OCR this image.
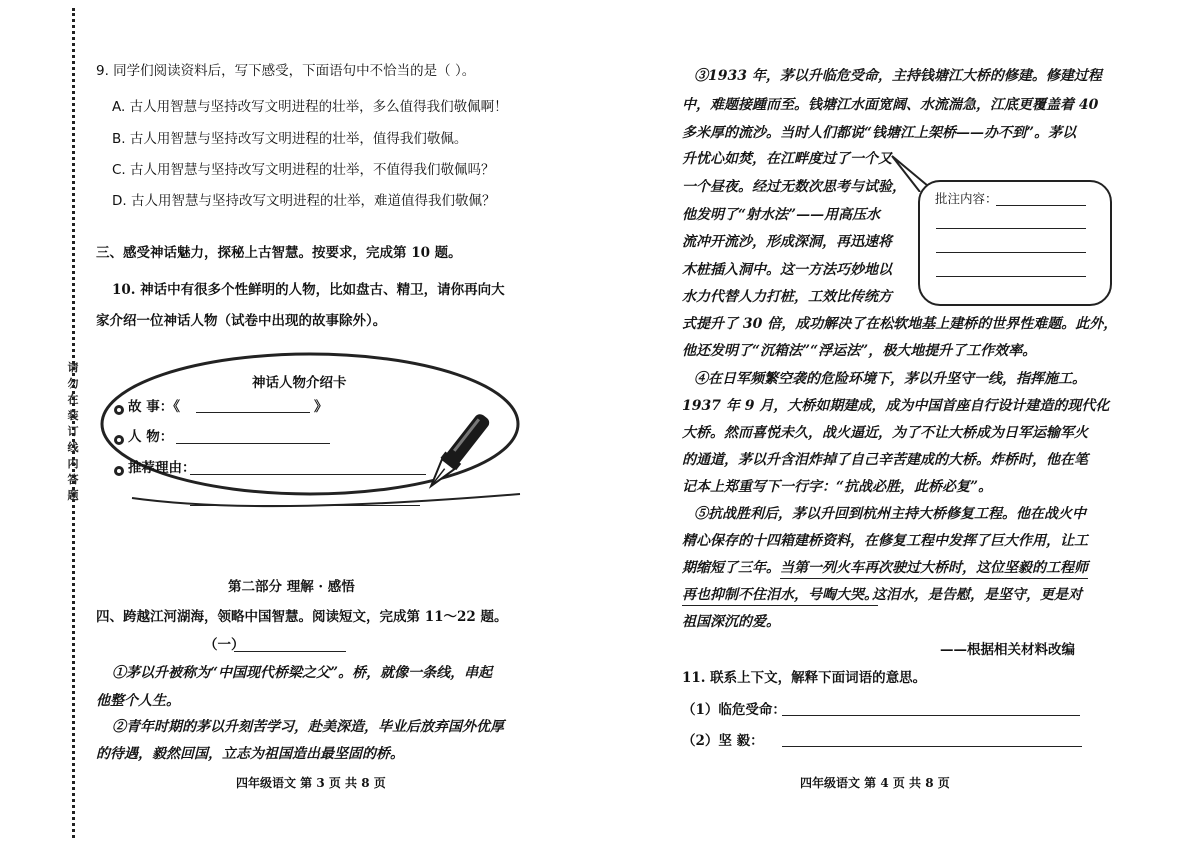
请勿在装订线内答题
9. 同学们阅读资料后，写下感受，下面语句中不恰当的是（ ）。
A. 古人用智慧与坚持改写文明进程的壮举，多么值得我们敬佩啊！
B. 古人用智慧与坚持改写文明进程的壮举，值得我们敬佩。
C. 古人用智慧与坚持改写文明进程的壮举，不值得我们敬佩吗？
D. 古人用智慧与坚持改写文明进程的壮举，难道值得我们敬佩？
三、感受神话魅力，探秘上古智慧。按要求，完成第 10 题。
10. 神话中有很多个性鲜明的人物，比如盘古、精卫，请你再向大
家介绍一位神话人物（试卷中出现的故事除外）。
神话人物介绍卡
故 事：《	》
人 物：
推荐理由：
第二部分 理解 · 感悟
四、跨越江河湖海，领略中国智慧。阅读短文，完成第 11～22 题。
（一）
①茅以升被称为“中国现代桥梁之父”。桥，就像一条线，串起
他整个人生。
②青年时期的茅以升刻苦学习，赴美深造，毕业后放弃国外优厚
的待遇，毅然回国，立志为祖国造出最坚固的桥。
四年级语文 第 3 页 共 8 页
③1933 年，茅以升临危受命，主持钱塘江大桥的修建。修建过程
中，难题接踵而至。钱塘江水面宽阔、水流湍急，江底更覆盖着 40
多米厚的流沙。当时人们都说“钱塘江上架桥——办不到”。茅以
升忧心如焚，在江畔度过了一个又
一个昼夜。经过无数次思考与试验，
他发明了“射水法”——用高压水
流冲开流沙，形成深洞，再迅速将
木桩插入洞中。这一方法巧妙地以
水力代替人力打桩，工效比传统方
式提升了 30 倍，成功解决了在松软地基上建桥的世界性难题。此外，
他还发明了“沉箱法”“浮运法”，极大地提升了工作效率。
批注内容：
④在日军频繁空袭的危险环境下，茅以升坚守一线，指挥施工。
1937 年 9 月，大桥如期建成，成为中国首座自行设计建造的现代化
大桥。然而喜悦未久，战火逼近，为了不让大桥成为日军运输军火
的通道，茅以升含泪炸掉了自己辛苦建成的大桥。炸桥时，他在笔
记本上郑重写下一行字：“抗战必胜，此桥必复”。
⑤抗战胜利后，茅以升回到杭州主持大桥修复工程。他在战火中
精心保存的十四箱建桥资料，在修复工程中发挥了巨大作用，让工
期缩短了三年。 当第一列火车再次驶过大桥时，这位坚毅的工程师
再也抑制不住泪水，号啕大哭。
这泪水，是告慰，是坚守，更是对
祖国深沉的爱。
——根据相关材料改编
11. 联系上下文，解释下面词语的意思。
（1）临危受命：
（2）坚 毅：
四年级语文 第 4 页 共 8 页
